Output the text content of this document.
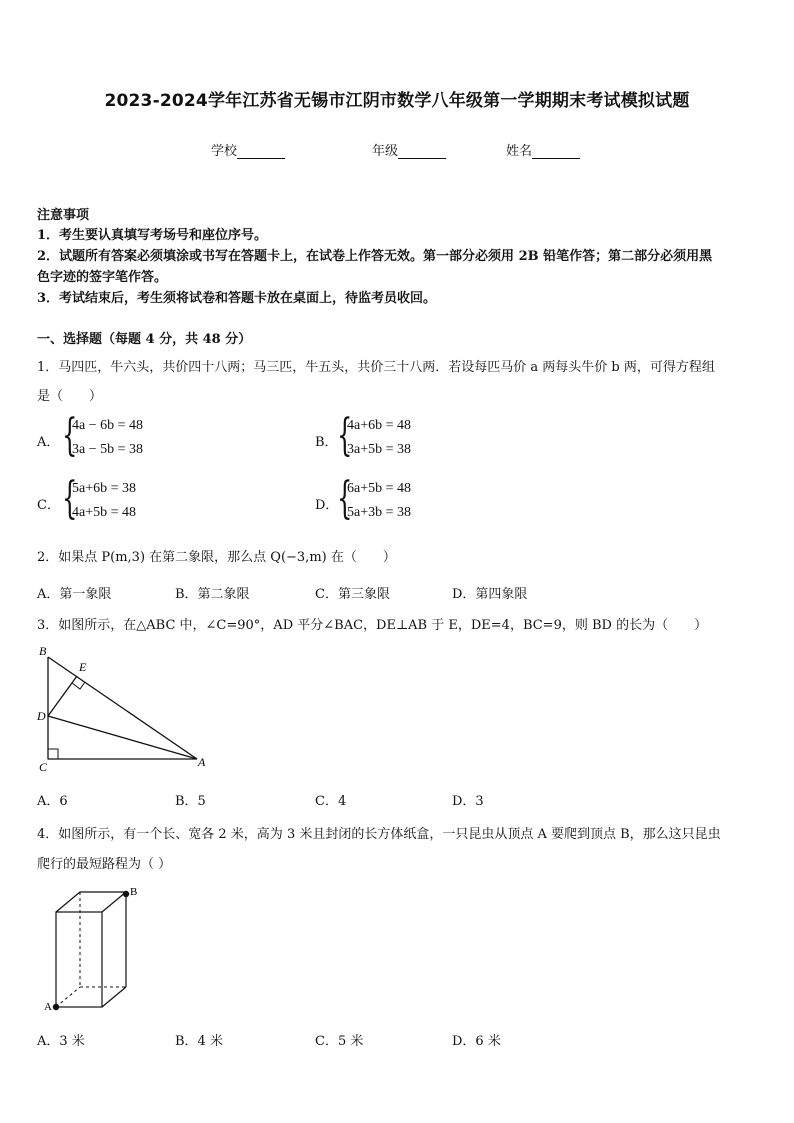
2023-2024学年江苏省无锡市江阴市数学八年级第一学期期末考试模拟试题
学校	年级	姓名
注意事项
1．考生要认真填写考场号和座位序号。
2．试题所有答案必须填涂或书写在答题卡上，在试卷上作答无效。第一部分必须用 2B 铅笔作答；第二部分必须用黑
色字迹的签字笔作答。
3．考试结束后，考生须将试卷和答题卡放在桌面上，待监考员收回。
一、选择题（每题 4 分，共 48 分）
1．马四匹，牛六头，共价四十八两；马三匹，牛五头，共价三十八两．若设每匹马价 a 两每头牛价 b 两，可得方程组
是（　　）
A． {
4a − 6b = 48
3a − 5b = 38	B． {
4a+6b = 48
3a+5b = 38
C． {
5a+6b = 38
4a+5b = 48	D．
{
6a+5b = 48
5a+3b = 38
2．如果点 P(m,3) 在第二象限，那么点 Q(−3,m) 在（　　）
A．第一象限	B．第二象限	C．第三象限	D．第四象限
3．如图所示，在△ABC 中，∠C=90°，AD 平分∠BAC，DE⊥AB 于 E，DE=4，BC=9，则 BD 的长为（　　）
B
E
D
C	A
A．6	B．5	C．4	D．3
4．如图所示，有一个长、宽各 2 米，高为 3 米且封闭的长方体纸盒，一只昆虫从顶点 A 要爬到顶点 B，那么这只昆虫
爬行的最短路程为（ ）
A
B
A．3 米	B．4 米	C．5 米	D．6 米
